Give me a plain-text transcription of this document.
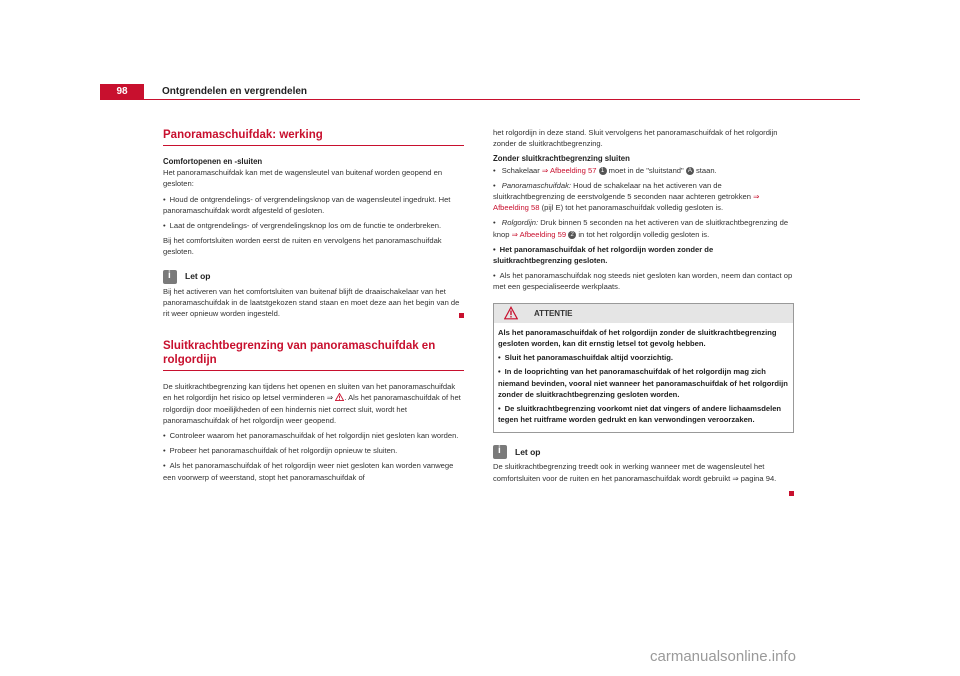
98	Ontgrendelen en vergrendelen
Panoramaschuifdak: werking
Comfortopenen en -sluiten

Het panoramaschuifdak kan met de wagensleutel van buitenaf worden geopend en gesloten:

• Houd de ontgrendelings- of vergrendelingsknop van de wagensleutel ingedrukt. Het panoramaschuifdak wordt afgesteld of gesloten.

• Laat de ontgrendelings- of vergrendelingsknop los om de functie te onderbreken.

Bij het comfortsluiten worden eerst de ruiten en vervolgens het panoramaschuifdak gesloten.

i
Let op

Bij het activeren van het comfortsluiten van buitenaf blijft de draaischakelaar van het panoramaschuifdak in de laatstgekozen stand staan en moet deze aan het begin van de rit weer opnieuw worden ingesteld.

Sluitkrachtbegrenzing van panoramaschuifdak en rolgordijn

De sluitkrachtbegrenzing kan tijdens het openen en sluiten van het panoramaschuifdak en het rolgordijn het risico op letsel verminderen ⇒ . Als het panoramaschuifdak of het rolgordijn door moeilijkheden of een hindernis niet correct sluit, wordt het panoramaschuifdak of het rolgordijn weer geopend.

• Controleer waarom het panoramaschuifdak of het rolgordijn niet gesloten kan worden.

• Probeer het panoramaschuifdak of het rolgordijn opnieuw te sluiten.

• Als het panoramaschuifdak of het rolgordijn weer niet gesloten kan worden vanwege een voorwerp of weerstand, stopt het panoramaschuifdak of

het rolgordijn in deze stand. Sluit vervolgens het panoramaschuifdak of het rolgordijn zonder de sluitkrachtbegrenzing.

Zonder sluitkrachtbegrenzing sluiten

• Schakelaar ⇒ Afbeelding 57 1 moet in de "sluitstand" A staan.

• Panoramaschuifdak: Houd de schakelaar na het activeren van de sluitkrachtbegrenzing de eerstvolgende 5 seconden naar achteren getrokken ⇒ Afbeelding 58 (pijl E) tot het panoramaschuifdak volledig gesloten is.

• Rolgordijn: Druk binnen 5 seconden na het activeren van de sluitkrachtbegrenzing de knop ⇒ Afbeelding 59 2 in tot het rolgordijn volledig gesloten is.

• Het panoramaschuifdak of het rolgordijn worden zonder de sluitkrachtbegrenzing gesloten.

• Als het panoramaschuifdak nog steeds niet gesloten kan worden, neem dan contact op met een gespecialiseerde werkplaats.

ATTENTIE

Als het panoramaschuifdak of het rolgordijn zonder de sluitkrachtbegrenzing gesloten worden, kan dit ernstig letsel tot gevolg hebben.

• Sluit het panoramaschuifdak altijd voorzichtig.

• In de looprichting van het panoramaschuifdak of het rolgordijn mag zich niemand bevinden, vooral niet wanneer het panoramaschuifdak of het rolgordijn zonder de sluitkrachtbegrenzing gesloten worden.

• De sluitkrachtbegrenzing voorkomt niet dat vingers of andere lichaamsdelen tegen het ruitframe worden gedrukt en kan verwondingen veroorzaken.

i
Let op

De sluitkrachtbegrenzing treedt ook in werking wanneer met de wagensleutel het comfortsluiten voor de ruiten en het panoramaschuifdak wordt gebruikt ⇒ pagina 94.

carmanualsonline.info
